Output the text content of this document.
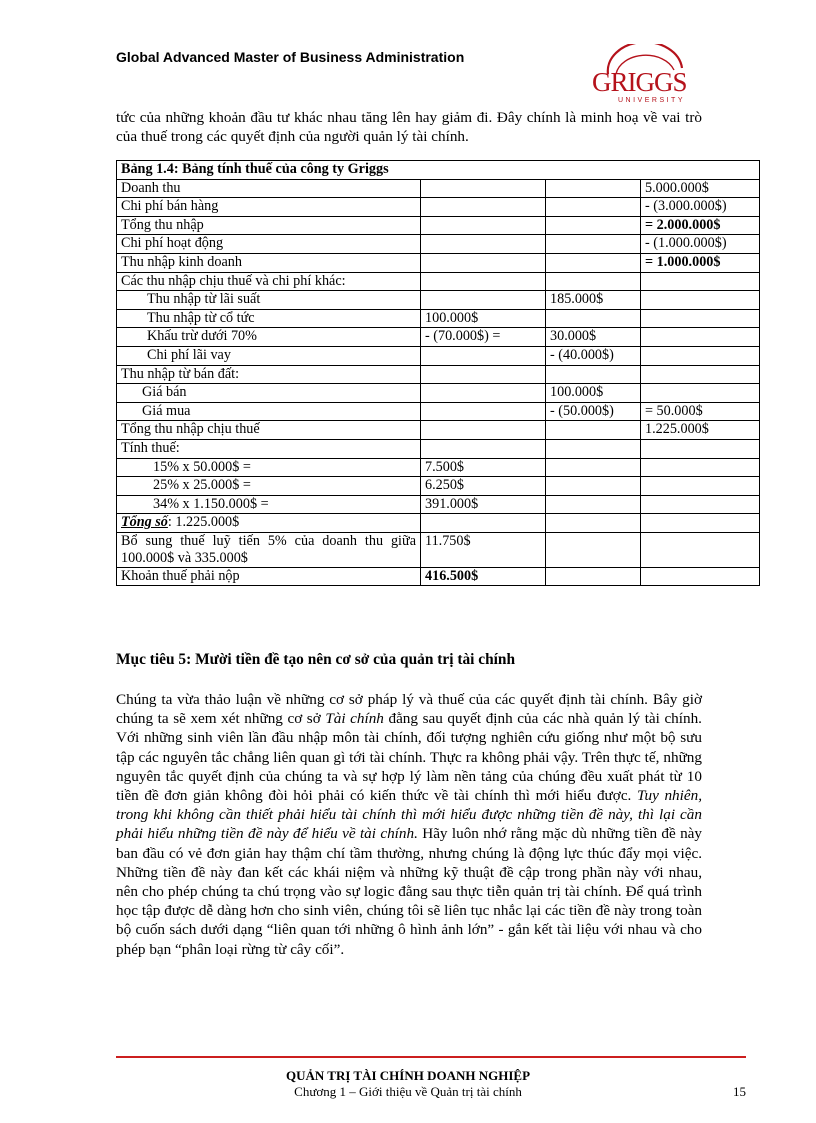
Global Advanced Master of Business Administration
GRIGGS
UNIVERSITY
tức của những khoản đầu tư khác nhau tăng lên hay giảm đi. Đây chính là minh hoạ về vai trò của thuế trong các quyết định của người quản lý tài chính.
Bảng 1.4: Bảng tính thuế của công ty Griggs			
Doanh thu			5.000.000$
Chi phí bán hàng			- (3.000.000$)
Tổng thu nhập			= 2.000.000$
Chi phí hoạt động			- (1.000.000$)
Thu nhập kinh doanh			= 1.000.000$
Các thu nhập chịu thuế và chi phí khác:			
Thu nhập từ lãi suất		185.000$	
Thu nhập từ cổ tức	100.000$		
Khấu trừ dưới 70%	- (70.000$) =	30.000$	
Chi phí lãi vay		- (40.000$)	
Thu nhập từ bán đất:			
Giá bán		100.000$	
Giá mua		- (50.000$)	= 50.000$
Tổng thu nhập chịu thuế			1.225.000$
Tính thuế:			
15% x 50.000$ =	7.500$		
25% x 25.000$ =	6.250$		
34% x 1.150.000$ =	391.000$		
Tổng số: 1.225.000$			
Bổ sung thuế luỹ tiến 5% của doanh thu giữa 100.000$ và 335.000$	11.750$		
Khoản thuế phải nộp	416.500$		
Mục tiêu 5: Mười tiền đề tạo nên cơ sở của quản trị tài chính
Chúng ta vừa thảo luận về những cơ sở pháp lý và thuế của các quyết định tài chính. Bây giờ chúng ta sẽ xem xét những cơ sở Tài chính đằng sau quyết định của các nhà quản lý tài chính. Với những sinh viên lần đầu nhập môn tài chính, đối tượng nghiên cứu giống như một bộ sưu tập các nguyên tắc chẳng liên quan gì tới tài chính. Thực ra không phải vậy. Trên thực tế, những nguyên tắc quyết định của chúng ta và sự hợp lý làm nền tảng của chúng đều xuất phát từ 10 tiền đề đơn giản không đòi hỏi phải có kiến thức về tài chính thì mới hiểu được. Tuy nhiên, trong khi không cần thiết phải hiểu tài chính thì mới hiểu được những tiền đề này, thì lại cần phải hiểu những tiền đề này để hiểu về tài chính. Hãy luôn nhớ rằng mặc dù những tiền đề này ban đầu có vẻ đơn giản hay thậm chí tầm thường, nhưng chúng là động lực thúc đẩy mọi việc. Những tiền đề này đan kết các khái niệm và những kỹ thuật đề cập trong phần này với nhau, nên cho phép chúng ta chú trọng vào sự logic đằng sau thực tiễn quản trị tài chính. Để quá trình học tập được dễ dàng hơn cho sinh viên, chúng tôi sẽ liên tục nhắc lại các tiền đề này trong toàn bộ cuốn sách dưới dạng “liên quan tới những ô hình ảnh lớn” - gắn kết tài liệu với nhau và cho phép bạn “phân loại rừng từ cây cối”.
QUẢN TRỊ TÀI CHÍNH DOANH NGHIỆP
Chương 1 – Giới thiệu về Quản trị tài chính	15
